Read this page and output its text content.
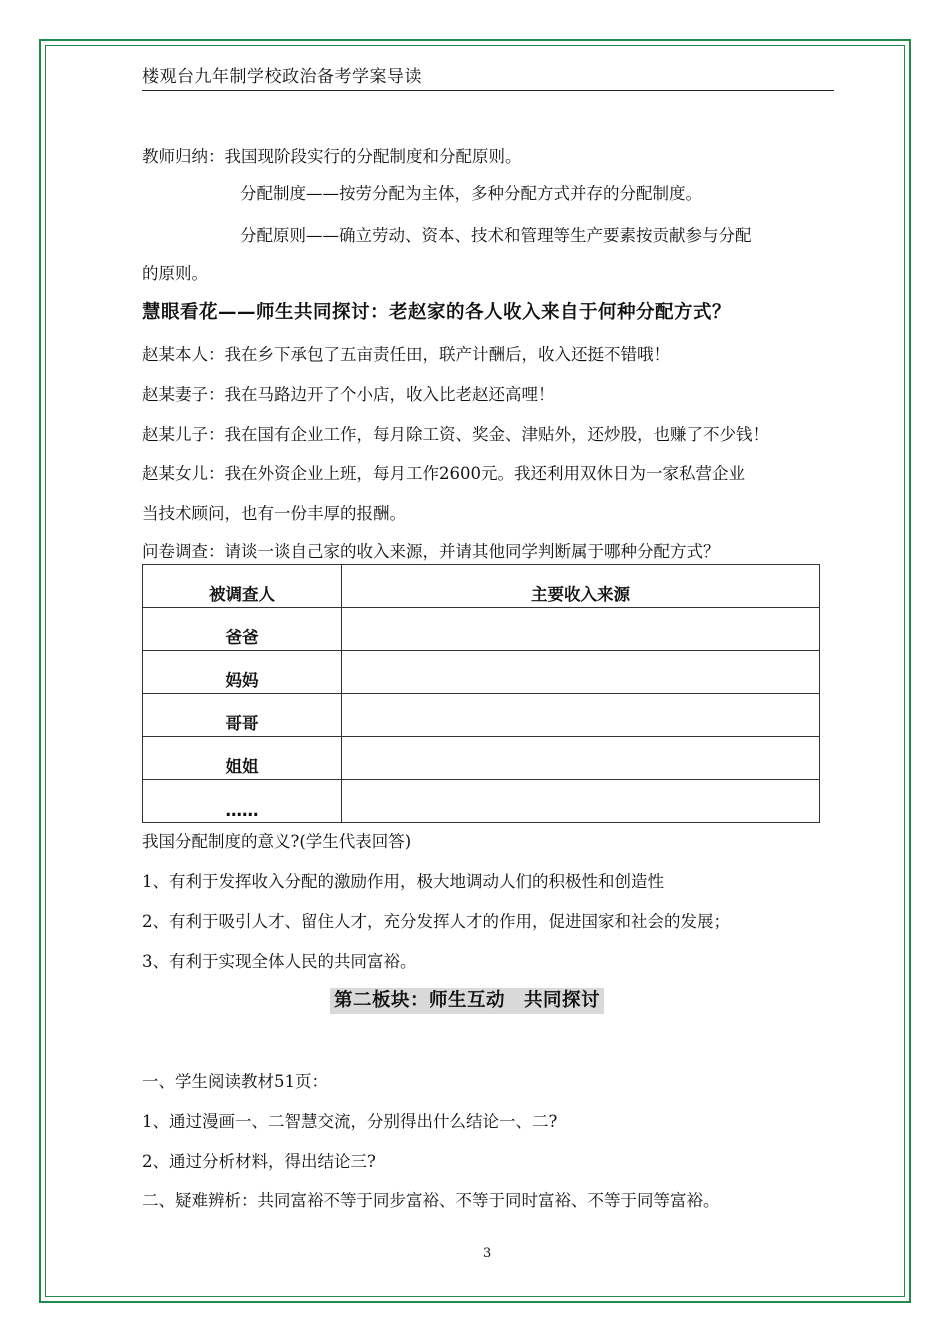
楼观台九年制学校政治备考学案导读
教师归纳：我国现阶段实行的分配制度和分配原则。
分配制度——按劳分配为主体，多种分配方式并存的分配制度。
分配原则——确立劳动、资本、技术和管理等生产要素按贡献参与分配
的原则。
慧眼看花——师生共同探讨：老赵家的各人收入来自于何种分配方式？
赵某本人：我在乡下承包了五亩责任田，联产计酬后，收入还挺不错哦！
赵某妻子：我在马路边开了个小店，收入比老赵还高哩！
赵某儿子：我在国有企业工作，每月除工资、奖金、津贴外，还炒股，也赚了不少钱！
赵某女儿：我在外资企业上班，每月工作2600元。我还利用双休日为一家私营企业
当技术顾问，也有一份丰厚的报酬。
问卷调查：请谈一谈自己家的收入来源，并请其他同学判断属于哪种分配方式？
被调查人	主要收入来源
爸爸	
妈妈	
哥哥	
姐姐	
……	
我国分配制度的意义?(学生代表回答)
1、有利于发挥收入分配的激励作用，极大地调动人们的积极性和创造性
2、有利于吸引人才、留住人才，充分发挥人才的作用，促进国家和社会的发展；
3、有利于实现全体人民的共同富裕。
第二板块：师生互动　共同探讨
一、学生阅读教材51页：
1、通过漫画一、二智慧交流，分别得出什么结论一、二?
2、通过分析材料，得出结论三?
二、疑难辨析：共同富裕不等于同步富裕、不等于同时富裕、不等于同等富裕。
3
